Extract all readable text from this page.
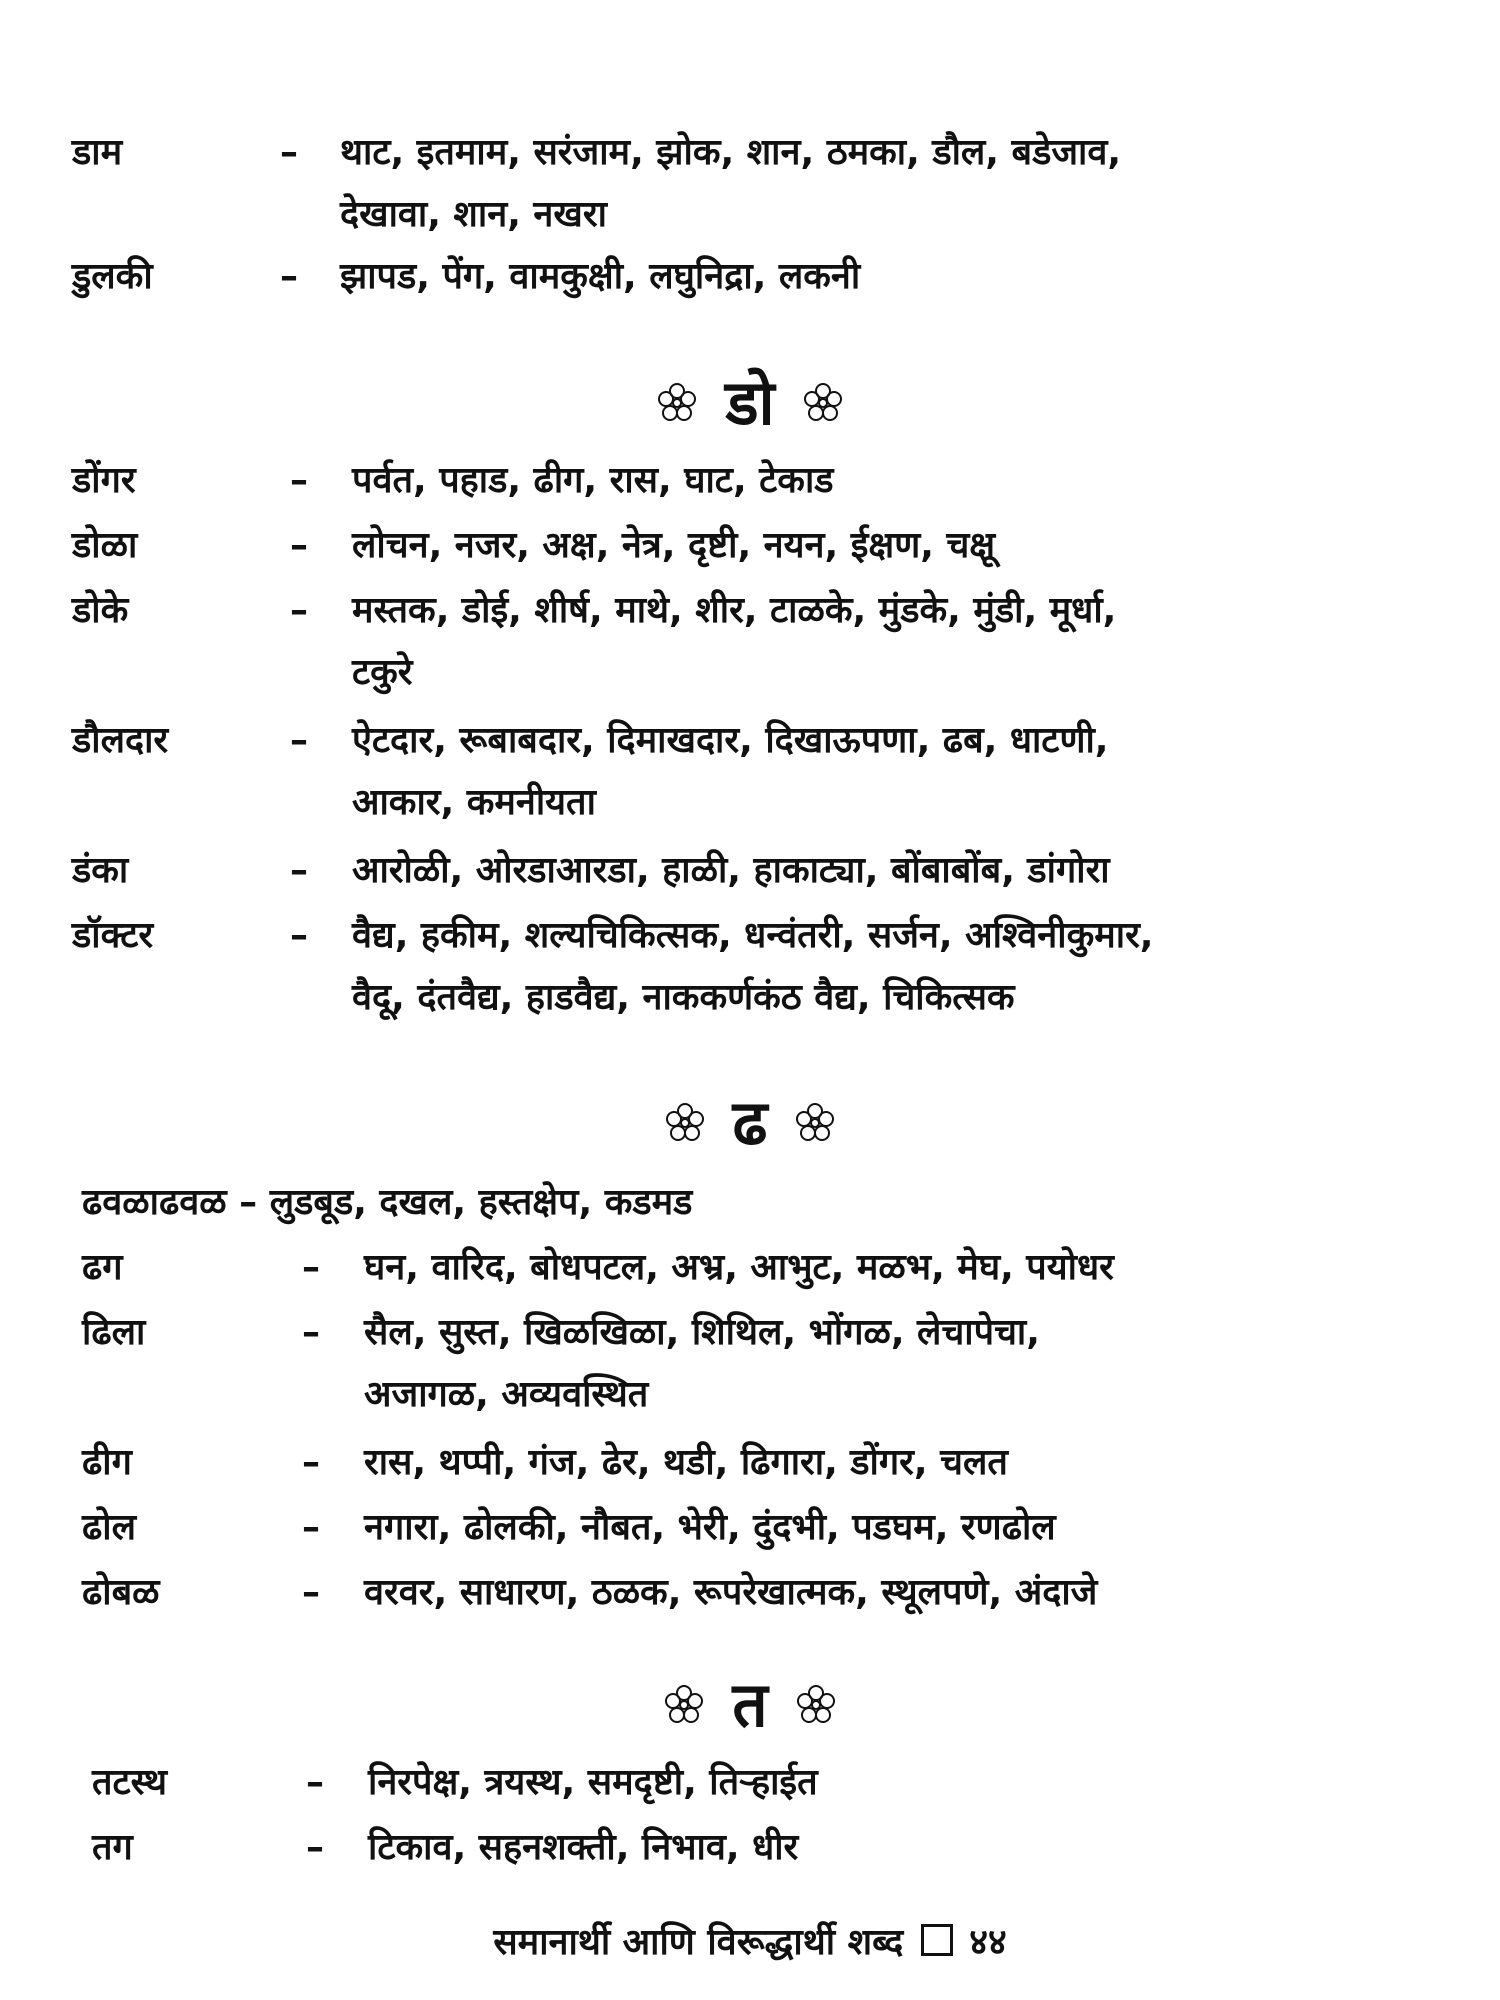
डाम	– थाट, इतमाम, सरंजाम, झोक, शान, ठमका, डौल, बडेजाव,
देखावा, शान, नखरा
डुलकी	– झापड, पेंग, वामकुक्षी, लघुनिद्रा, लकनी
डो
डोंगर	– पर्वत, पहाड, ढीग, रास, घाट, टेकाड
डोळा	– लोचन, नजर, अक्ष, नेत्र, दृष्टी, नयन, ईक्षण, चक्षू
डोके	– मस्तक, डोई, शीर्ष, माथे, शीर, टाळके, मुंडके, मुंडी, मूर्धा,
टकुरे
डौलदार	– ऐटदार, रूबाबदार, दिमाखदार, दिखाऊपणा, ढब, धाटणी,
आकार, कमनीयता
डंका	– आरोळी, ओरडाआरडा, हाळी, हाकाट्या, बोंबाबोंब, डांगोरा
डॉक्टर	– वैद्य, हकीम, शल्यचिकित्सक, धन्वंतरी, सर्जन, अश्विनीकुमार,
वैदू, दंतवैद्य, हाडवैद्य, नाककर्णकंठ वैद्य, चिकित्सक
ढ
ढवळाढवळ – लुडबूड, दखल, हस्तक्षेप, कडमड
ढग	– घन, वारिद, बोधपटल, अभ्र, आभुट, मळभ, मेघ, पयोधर
ढिला	– सैल, सुस्त, खिळखिळा, शिथिल, भोंगळ, लेचापेचा,
अजागळ, अव्यवस्थित
ढीग	– रास, थप्पी, गंज, ढेर, थडी, ढिगारा, डोंगर, चलत
ढोल	– नगारा, ढोलकी, नौबत, भेरी, दुंदभी, पडघम, रणढोल
ढोबळ	– वरवर, साधारण, ठळक, रूपरेखात्मक, स्थूलपणे, अंदाजे
त
तटस्थ	– निरपेक्ष, त्रयस्थ, समदृष्टी, तिऱ्हाईत
तग	– टिकाव, सहनशक्ती, निभाव, धीर
समानार्थी आणि विरूद्धार्थी शब्द ४४
